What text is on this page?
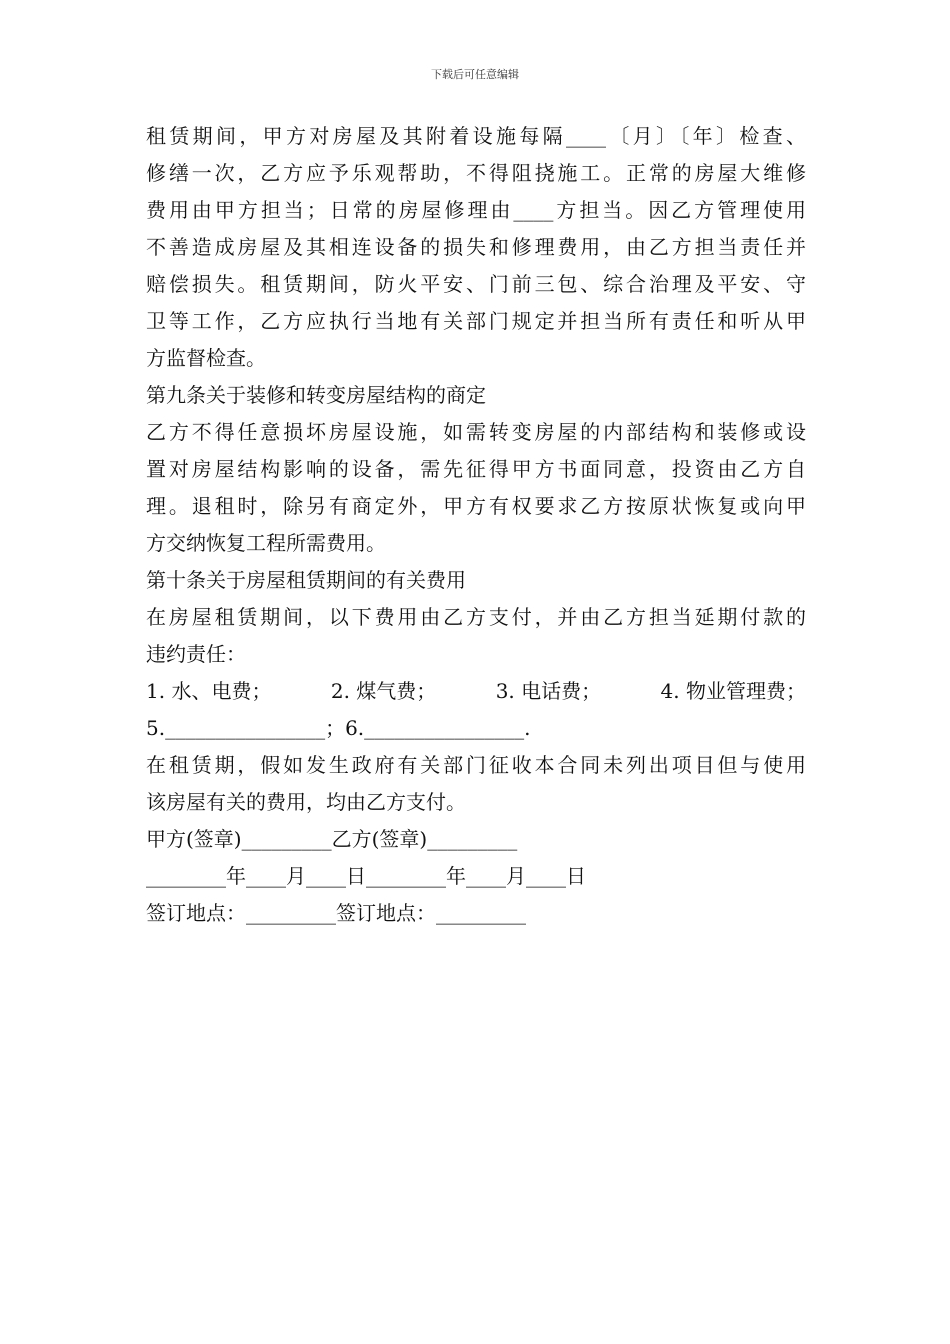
下载后可任意编辑
租赁期间，甲方对房屋及其附着设施每隔____〔月〕〔年〕检查、
修缮一次，乙方应予乐观帮助，不得阻挠施工。正常的房屋大维修
费用由甲方担当；日常的房屋修理由____方担当。因乙方管理使用
不善造成房屋及其相连设备的损失和修理费用，由乙方担当责任并
赔偿损失。租赁期间，防火平安、门前三包、综合治理及平安、守
卫等工作，乙方应执行当地有关部门规定并担当所有责任和听从甲
方监督检查。
第九条关于装修和转变房屋结构的商定
乙方不得任意损坏房屋设施，如需转变房屋的内部结构和装修或设
置对房屋结构影响的设备，需先征得甲方书面同意，投资由乙方自
理。退租时，除另有商定外，甲方有权要求乙方按原状恢复或向甲
方交纳恢复工程所需费用。
第十条关于房屋租赁期间的有关费用
在房屋租赁期间，以下费用由乙方支付，并由乙方担当延期付款的
违约责任：
1. 水、电费；	2. 煤气费；	3. 电话费；	4. 物业管理费；
5.________________；6.________________.
在租赁期，假如发生政府有关部门征收本合同未列出项目但与使用
该房屋有关的费用，均由乙方支付。
甲方(签章)_________乙方(签章)_________
________年____月____日________年____月____日
签订地点：_________签订地点：_________
